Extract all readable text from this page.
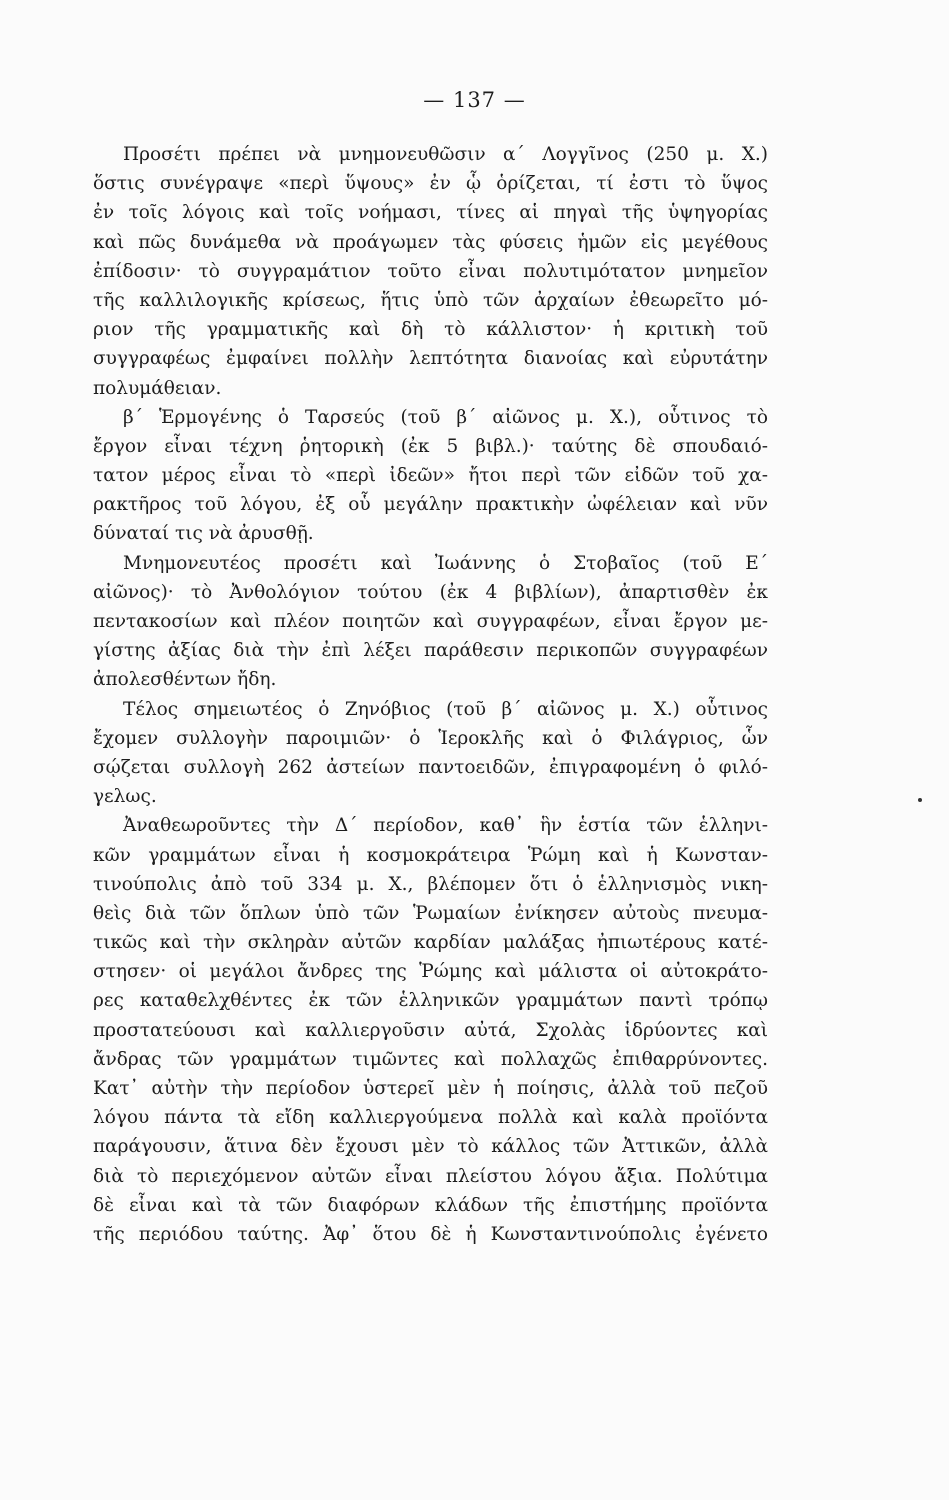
— 137 —
Προσέτι πρέπει νὰ μνημονευθῶσιν α΄ Λογγῖνος (250 μ. Χ.)
ὅστις συνέγραψε «περὶ ὕψους» ἐν ᾧ ὁρίζεται, τί ἐστι τὸ ὕψος
ἐν τοῖς λόγοις καὶ τοῖς νοήμασι, τίνες αἱ πηγαὶ τῆς ὑψηγορίας
καὶ πῶς δυνάμεθα νὰ προάγωμεν τὰς φύσεις ἡμῶν εἰς μεγέθους
ἐπίδοσιν· τὸ συγγραμάτιον τοῦτο εἶναι πολυτιμότατον μνημεῖον
τῆς καλλιλογικῆς κρίσεως, ἥτις ὑπὸ τῶν ἀρχαίων ἐθεωρεῖτο μό-
ριον τῆς γραμματικῆς καὶ δὴ τὸ κάλλιστον· ἡ κριτικὴ τοῦ
συγγραφέως ἐμφαίνει πολλὴν λεπτότητα διανοίας καὶ εὐρυτάτην
πολυμάθειαν.
β΄ Ἑρμογένης ὁ Ταρσεύς (τοῦ β΄ αἰῶνος μ. Χ.), οὗτινος τὸ
ἔργον εἶναι τέχνη ῥητορικὴ (ἐκ 5 βιβλ.)· ταύτης δὲ σπουδαιό-
τατον μέρος εἶναι τὸ «περὶ ἰδεῶν» ἤτοι περὶ τῶν εἰδῶν τοῦ χα-
ρακτῆρος τοῦ λόγου, ἐξ οὗ μεγάλην πρακτικὴν ὠφέλειαν καὶ νῦν
δύναταί τις νὰ ἀρυσθῇ.
Μνημονευτέος προσέτι καὶ Ἰωάννης ὁ Στοβαῖος (τοῦ Ε΄
αἰῶνος)· τὸ Ἀνθολόγιον τούτου (ἐκ 4 βιβλίων), ἀπαρτισθὲν ἐκ
πεντακοσίων καὶ πλέον ποιητῶν καὶ συγγραφέων, εἶναι ἔργον με-
γίστης ἀξίας διὰ τὴν ἐπὶ λέξει παράθεσιν περικοπῶν συγγραφέων
ἀπολεσθέντων ἤδη.
Τέλος σημειωτέος ὁ Ζηνόβιος (τοῦ β΄ αἰῶνος μ. Χ.) οὗτινος
ἔχομεν συλλογὴν παροιμιῶν· ὁ Ἱεροκλῆς καὶ ὁ Φιλάγριος, ὧν
σῴζεται συλλογὴ 262 ἀστείων παντοειδῶν, ἐπιγραφομένη ὁ φιλό-
γελως.
Ἀναθεωροῦντες τὴν Δ΄ περίοδον, καθ᾿ ἣν ἑστία τῶν ἑλληνι-
κῶν γραμμάτων εἶναι ἡ κοσμοκράτειρα Ῥώμη καὶ ἡ Κωνσταν-
τινούπολις ἀπὸ τοῦ 334 μ. Χ., βλέπομεν ὅτι ὁ ἑλληνισμὸς νικη-
θεὶς διὰ τῶν ὅπλων ὑπὸ τῶν Ῥωμαίων ἐνίκησεν αὐτοὺς πνευμα-
τικῶς καὶ τὴν σκληρὰν αὐτῶν καρδίαν μαλάξας ἠπιωτέρους κατέ-
στησεν· οἱ μεγάλοι ἄνδρες της Ῥώμης καὶ μάλιστα οἱ αὐτοκράτο-
ρες καταθελχθέντες ἐκ τῶν ἑλληνικῶν γραμμάτων παντὶ τρόπῳ
προστατεύουσι καὶ καλλιεργοῦσιν αὐτά, Σχολὰς ἱδρύοντες καὶ
ἄνδρας τῶν γραμμάτων τιμῶντες καὶ πολλαχῶς ἐπιθαρρύνοντες.
Κατ᾿ αὐτὴν τὴν περίοδον ὑστερεῖ μὲν ἡ ποίησις, ἀλλὰ τοῦ πεζοῦ
λόγου πάντα τὰ εἴδη καλλιεργούμενα πολλὰ καὶ καλὰ προϊόντα
παράγουσιν, ἅτινα δὲν ἔχουσι μὲν τὸ κάλλος τῶν Ἀττικῶν, ἀλλὰ
διὰ τὸ περιεχόμενον αὐτῶν εἶναι πλείστου λόγου ἄξια. Πολύτιμα
δὲ εἶναι καὶ τὰ τῶν διαφόρων κλάδων τῆς ἐπιστήμης προϊόντα
τῆς περιόδου ταύτης. Ἀφ᾿ ὅτου δὲ ἡ Κωνσταντινούπολις ἐγένετο
